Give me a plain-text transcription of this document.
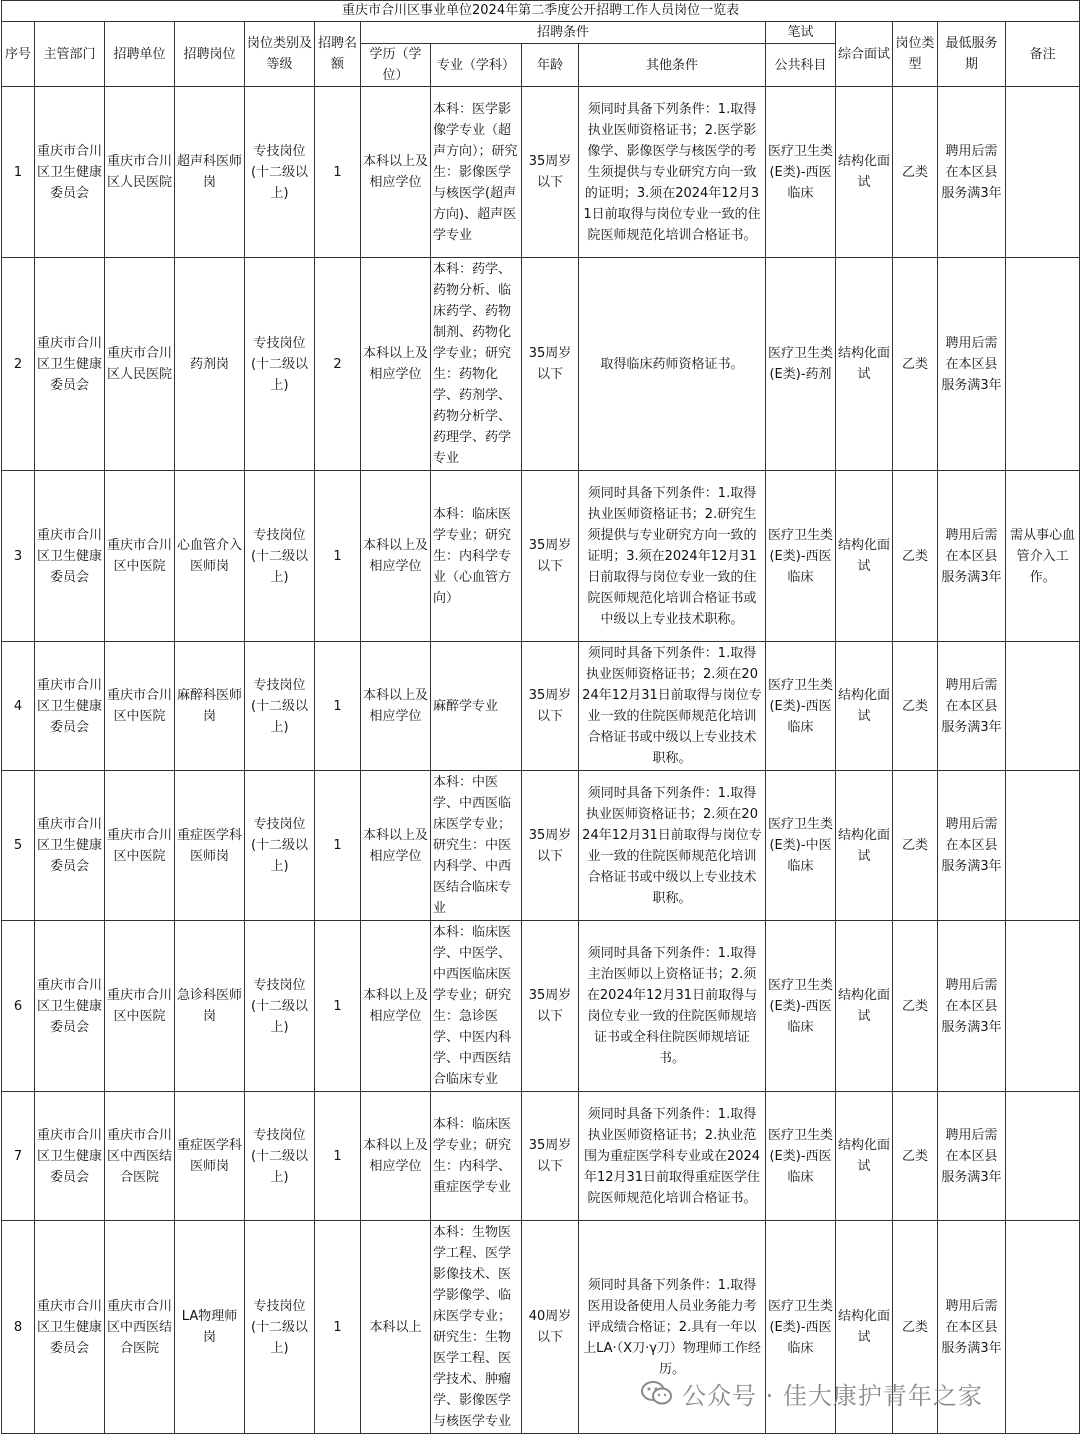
重庆市合川区事业单位2024年第二季度公开招聘工作人员岗位一览表														
序号	主管部门	招聘单位	招聘岗位	岗位类别及等级	招聘名额	招聘条件				笔试	综合面试	岗位类型	最低服务期	备注
						学历（学位）	专业（学科）	年龄	其他条件	公共科目				
1	重庆市合川区卫生健康委员会	重庆市合川区人民医院	超声科医师岗	专技岗位(十二级以上)	1	本科以上及相应学位	本科：医学影像学专业（超声方向）；研究生：影像医学与核医学(超声方向)、超声医学专业	35周岁以下	须同时具备下列条件：1.取得执业医师资格证书；2.医学影像学、影像医学与核医学的考生须提供与专业研究方向一致的证明；3.须在2024年12月31日前取得与岗位专业一致的住院医师规范化培训合格证书。	医疗卫生类(E类)-西医临床	结构化面试	乙类	聘用后需在本区县服务满3年	
2	重庆市合川区卫生健康委员会	重庆市合川区人民医院	药剂岗	专技岗位(十二级以上)	2	本科以上及相应学位	本科：药学、药物分析、临床药学、药物制剂、药物化学专业；研究生：药物化学、药剂学、药物分析学、药理学、药学专业	35周岁以下	取得临床药师资格证书。	医疗卫生类(E类)-药剂	结构化面试	乙类	聘用后需在本区县服务满3年	
3	重庆市合川区卫生健康委员会	重庆市合川区中医院	心血管介入医师岗	专技岗位(十二级以上)	1	本科以上及相应学位	本科：临床医学专业；研究生：内科学专业（心血管方向）	35周岁以下	须同时具备下列条件：1.取得执业医师资格证书；2.研究生须提供与专业研究方向一致的证明；3.须在2024年12月31日前取得与岗位专业一致的住院医师规范化培训合格证书或中级以上专业技术职称。	医疗卫生类(E类)-西医临床	结构化面试	乙类	聘用后需在本区县服务满3年	需从事心血管介入工作。
4	重庆市合川区卫生健康委员会	重庆市合川区中医院	麻醉科医师岗	专技岗位(十二级以上)	1	本科以上及相应学位	麻醉学专业	35周岁以下	须同时具备下列条件：1.取得执业医师资格证书；2.须在2024年12月31日前取得与岗位专业一致的住院医师规范化培训合格证书或中级以上专业技术职称。	医疗卫生类(E类)-西医临床	结构化面试	乙类	聘用后需在本区县服务满3年	
5	重庆市合川区卫生健康委员会	重庆市合川区中医院	重症医学科医师岗	专技岗位(十二级以上)	1	本科以上及相应学位	本科：中医学、中西医临床医学专业；研究生：中医内科学、中西医结合临床专业	35周岁以下	须同时具备下列条件：1.取得执业医师资格证书；2.须在2024年12月31日前取得与岗位专业一致的住院医师规范化培训合格证书或中级以上专业技术职称。	医疗卫生类(E类)-中医临床	结构化面试	乙类	聘用后需在本区县服务满3年	
6	重庆市合川区卫生健康委员会	重庆市合川区中医院	急诊科医师岗	专技岗位(十二级以上)	1	本科以上及相应学位	本科：临床医学、中医学、中西医临床医学专业；研究生：急诊医学、中医内科学、中西医结合临床专业	35周岁以下	须同时具备下列条件：1.取得主治医师以上资格证书；2.须在2024年12月31日前取得与岗位专业一致的住院医师规培证书或全科住院医师规培证书。	医疗卫生类(E类)-西医临床	结构化面试	乙类	聘用后需在本区县服务满3年	
7	重庆市合川区卫生健康委员会	重庆市合川区中西医结合医院	重症医学科医师岗	专技岗位(十二级以上)	1	本科以上及相应学位	本科：临床医学专业；研究生：内科学、重症医学专业	35周岁以下	须同时具备下列条件：1.取得执业医师资格证书；2.执业范围为重症医学科专业或在2024年12月31日前取得重症医学住院医师规范化培训合格证书。	医疗卫生类(E类)-西医临床	结构化面试	乙类	聘用后需在本区县服务满3年	
8	重庆市合川区卫生健康委员会	重庆市合川区中西医结合医院	LA物理师岗	专技岗位(十二级以上)	1	本科以上	本科：生物医学工程、医学影像技术、医学影像学、临床医学专业；研究生：生物医学工程、医学技术、肿瘤学、影像医学与核医学专业	40周岁以下	须同时具备下列条件：1.取得医用设备使用人员业务能力考评成绩合格证；2.具有一年以上LA·（X刀·γ刀）物理师工作经历。	医疗卫生类(E类)-西医临床	结构化面试	乙类	聘用后需在本区县服务满3年	
公众号 · 佳大康护青年之家
